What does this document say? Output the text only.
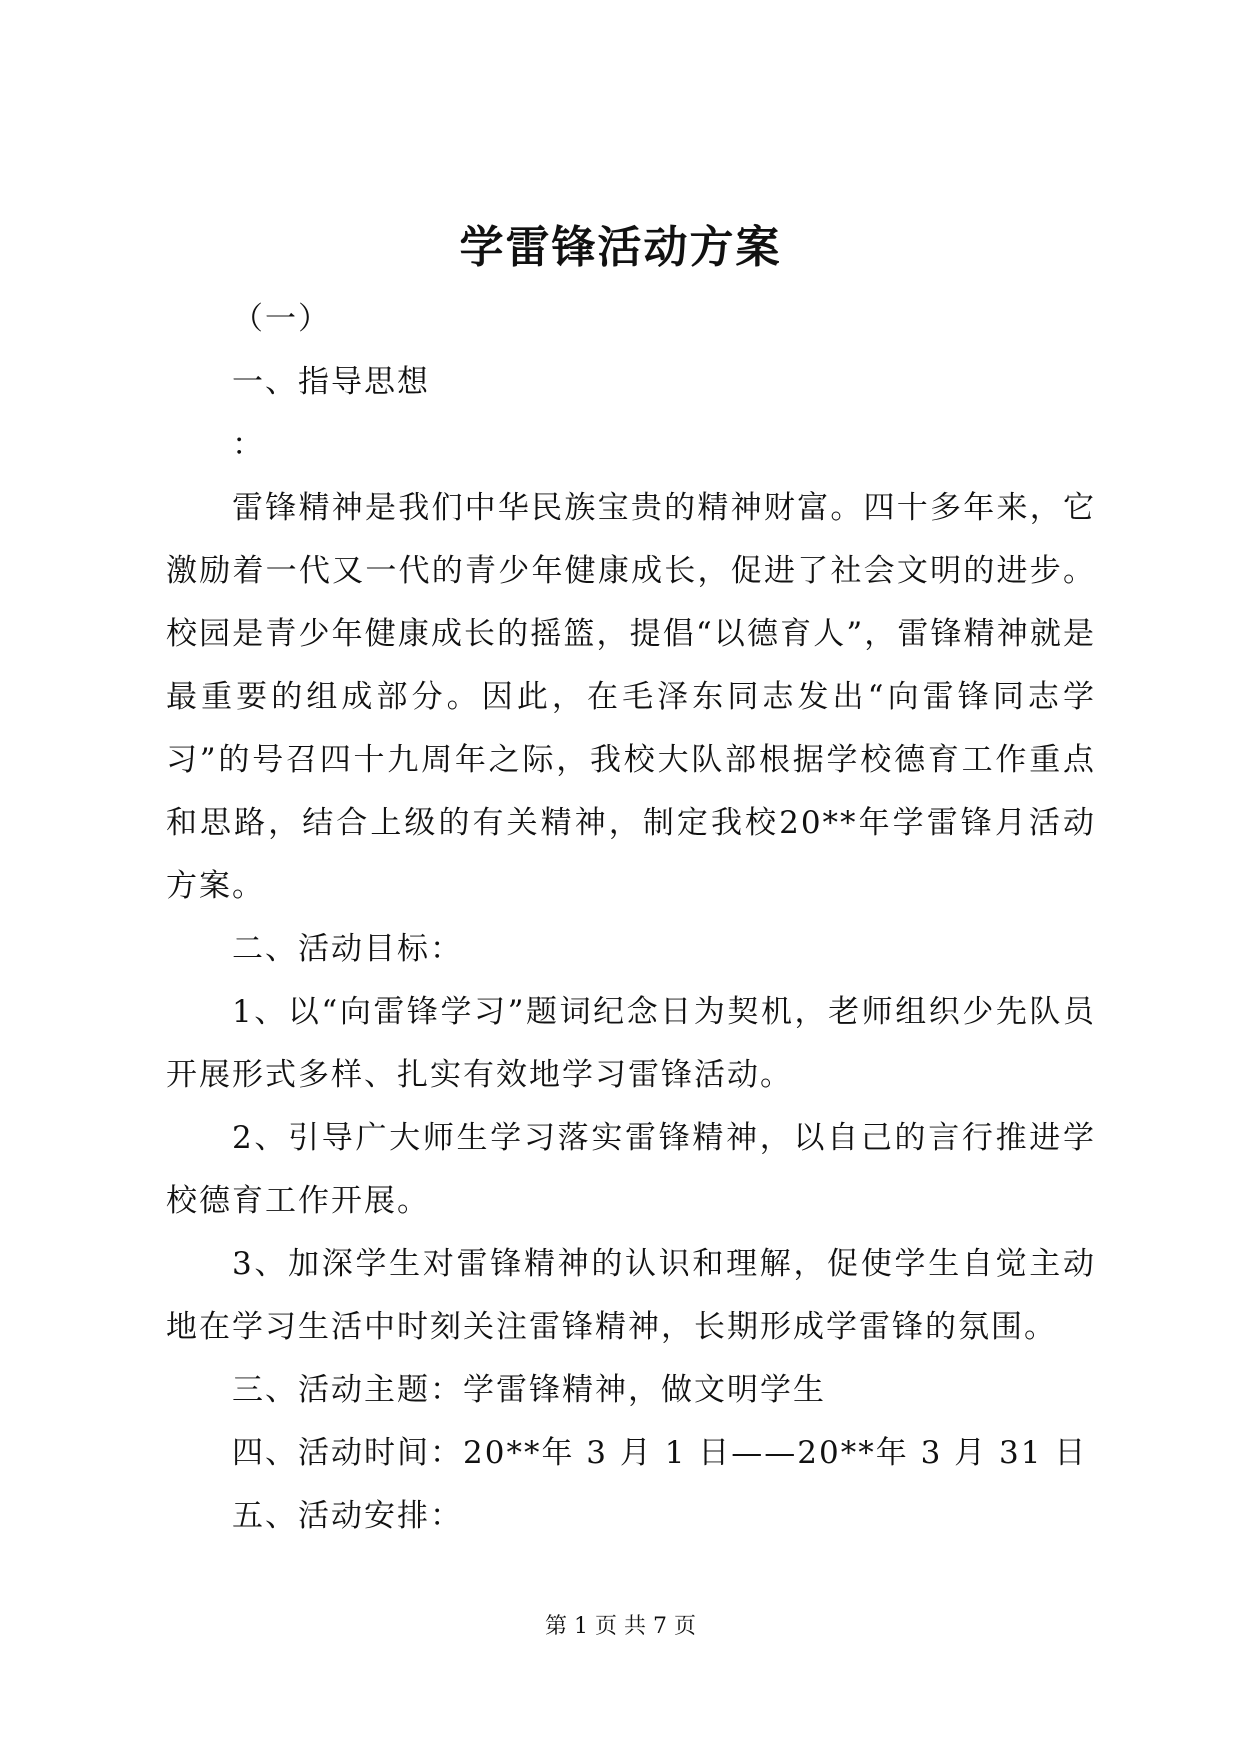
学雷锋活动方案

（一）

一、指导思想

：

雷锋精神是我们中华民族宝贵的精神财富。四十多年来，它激励着一代又一代的青少年健康成长，促进了社会文明的进步。校园是青少年健康成长的摇篮，提倡“以德育人”，雷锋精神就是最重要的组成部分。因此，在毛泽东同志发出“向雷锋同志学习”的号召四十九周年之际，我校大队部根据学校德育工作重点和思路，结合上级的有关精神，制定我校20**年学雷锋月活动方案。

二、活动目标：

1、以“向雷锋学习”题词纪念日为契机，老师组织少先队员开展形式多样、扎实有效地学习雷锋活动。

2、引导广大师生学习落实雷锋精神，以自己的言行推进学校德育工作开展。

3、加深学生对雷锋精神的认识和理解，促使学生自觉主动地在学习生活中时刻关注雷锋精神，长期形成学雷锋的氛围。

三、活动主题：学雷锋精神，做文明学生

四、活动时间：20**年 3 月 1 日——20**年 3 月 31 日

五、活动安排：

第 1 页 共 7 页
